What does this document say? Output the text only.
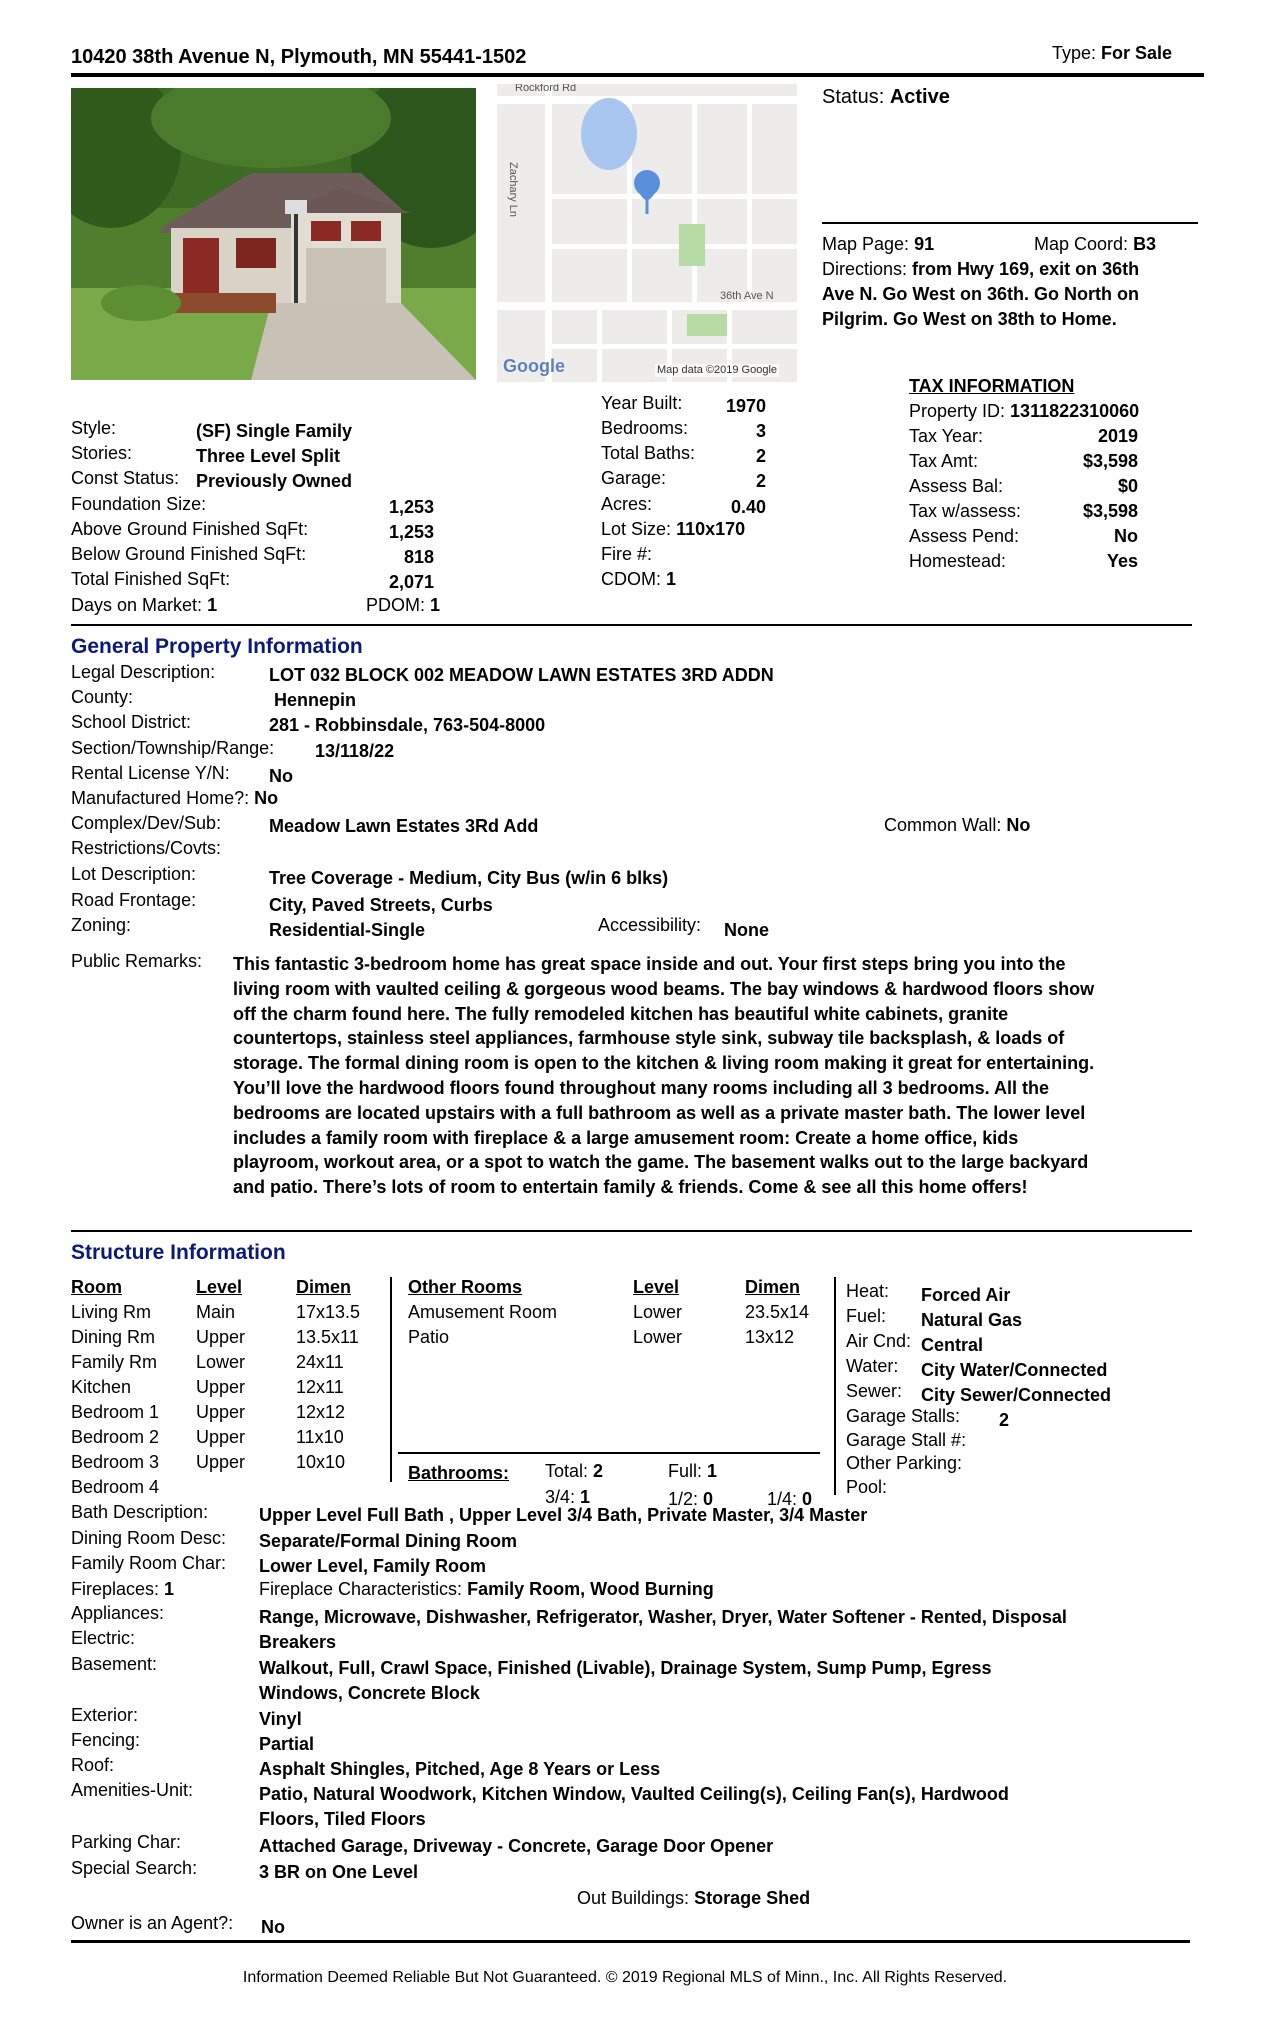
10420 38th Avenue N, Plymouth, MN 55441-1502	Type: For Sale
Rockford Rd
Zachary Ln
36th Ave N
Google	Map data ©2019 Google
Status: Active
Map Page: 91	Map Coord: B3
Directions: from Hwy 169, exit on 36th
Ave N. Go West on 36th. Go North on
Pilgrim. Go West on 38th to Home.
Style:	(SF) Single Family
Stories:	Three Level Split
Const Status: Previously Owned
Foundation Size:	1,253
Above Ground Finished SqFt:	1,253
Below Ground Finished SqFt:	818
Total Finished SqFt:	2,071
Days on Market: 1	PDOM: 1
Year Built:	1970
Bedrooms:	3
Total Baths:	2
Garage:	2
Acres:	0.40
Lot Size: 110x170
Fire #:
CDOM: 1
TAX INFORMATION
Property ID: 1311822310060
Tax Year:	2019
Tax Amt:	$3,598
Assess Bal:	$0
Tax w/assess:	$3,598
Assess Pend:	No
Homestead:	Yes
General Property Information
Legal Description:	LOT 032 BLOCK 002 MEADOW LAWN ESTATES 3RD ADDN
County:	Hennepin
School District:	281 - Robbinsdale, 763-504-8000
Section/Township/Range: 13/118/22
Rental License Y/N: No
Manufactured Home?: No
Complex/Dev/Sub:	Meadow Lawn Estates 3Rd Add	Common Wall: No
Restrictions/Covts:
Lot Description:	Tree Coverage - Medium, City Bus (w/in 6 blks)
Road Frontage:	City, Paved Streets, Curbs
Zoning:	Residential-Single	Accessibility: None
Public Remarks: This fantastic 3-bedroom home has great space inside and out. Your first steps bring you into the living room with vaulted ceiling & gorgeous wood beams. The bay windows & hardwood floors show off the charm found here. The fully remodeled kitchen has beautiful white cabinets, granite countertops, stainless steel appliances, farmhouse style sink, subway tile backsplash, & loads of storage. The formal dining room is open to the kitchen & living room making it great for entertaining. You’ll love the hardwood floors found throughout many rooms including all 3 bedrooms. All the bedrooms are located upstairs with a full bathroom as well as a private master bath. The lower level includes a family room with fireplace & a large amusement room: Create a home office, kids playroom, workout area, or a spot to watch the game. The basement walks out to the large backyard and patio. There’s lots of room to entertain family & friends. Come & see all this home offers!
Structure Information
Room	Level	Dimen
Living Rm Main	17x13.5
Dining Rm Upper	13.5x11
Family Rm Lower	24x11
Kitchen	Upper	12x11
Bedroom 1 Upper	12x12
Bedroom 2 Upper	11x10
Bedroom 3 Upper	10x10
Bedroom 4
Other Rooms	Level	Dimen
Amusement Room	Lower	23.5x14
Patio	Lower	13x12
Bathrooms: Total: 2	Full: 1
3/4: 1	1/2: 0	1/4: 0
Heat: Forced Air
Fuel: Natural Gas
Air Cnd: Central
Water: City Water/Connected
Sewer: City Sewer/Connected
Garage Stalls: 2
Garage Stall #:
Other Parking:
Pool:
Bath Description:	Upper Level Full Bath , Upper Level 3/4 Bath, Private Master, 3/4 Master
Dining Room Desc: Separate/Formal Dining Room
Family Room Char: Lower Level, Family Room
Fireplaces: 1	Fireplace Characteristics: Family Room, Wood Burning
Appliances:	Range, Microwave, Dishwasher, Refrigerator, Washer, Dryer, Water Softener - Rented, Disposal
Electric:	Breakers
Basement:	Walkout, Full, Crawl Space, Finished (Livable), Drainage System, Sump Pump, Egress
Windows, Concrete Block
Exterior:	Vinyl
Fencing:	Partial
Roof:	Asphalt Shingles, Pitched, Age 8 Years or Less
Amenities-Unit:	Patio, Natural Woodwork, Kitchen Window, Vaulted Ceiling(s), Ceiling Fan(s), Hardwood
Floors, Tiled Floors
Parking Char:	Attached Garage, Driveway - Concrete, Garage Door Opener
Special Search:	3 BR on One Level
Out Buildings: Storage Shed
Owner is an Agent?: No
Information Deemed Reliable But Not Guaranteed. © 2019 Regional MLS of Minn., Inc. All Rights Reserved.
